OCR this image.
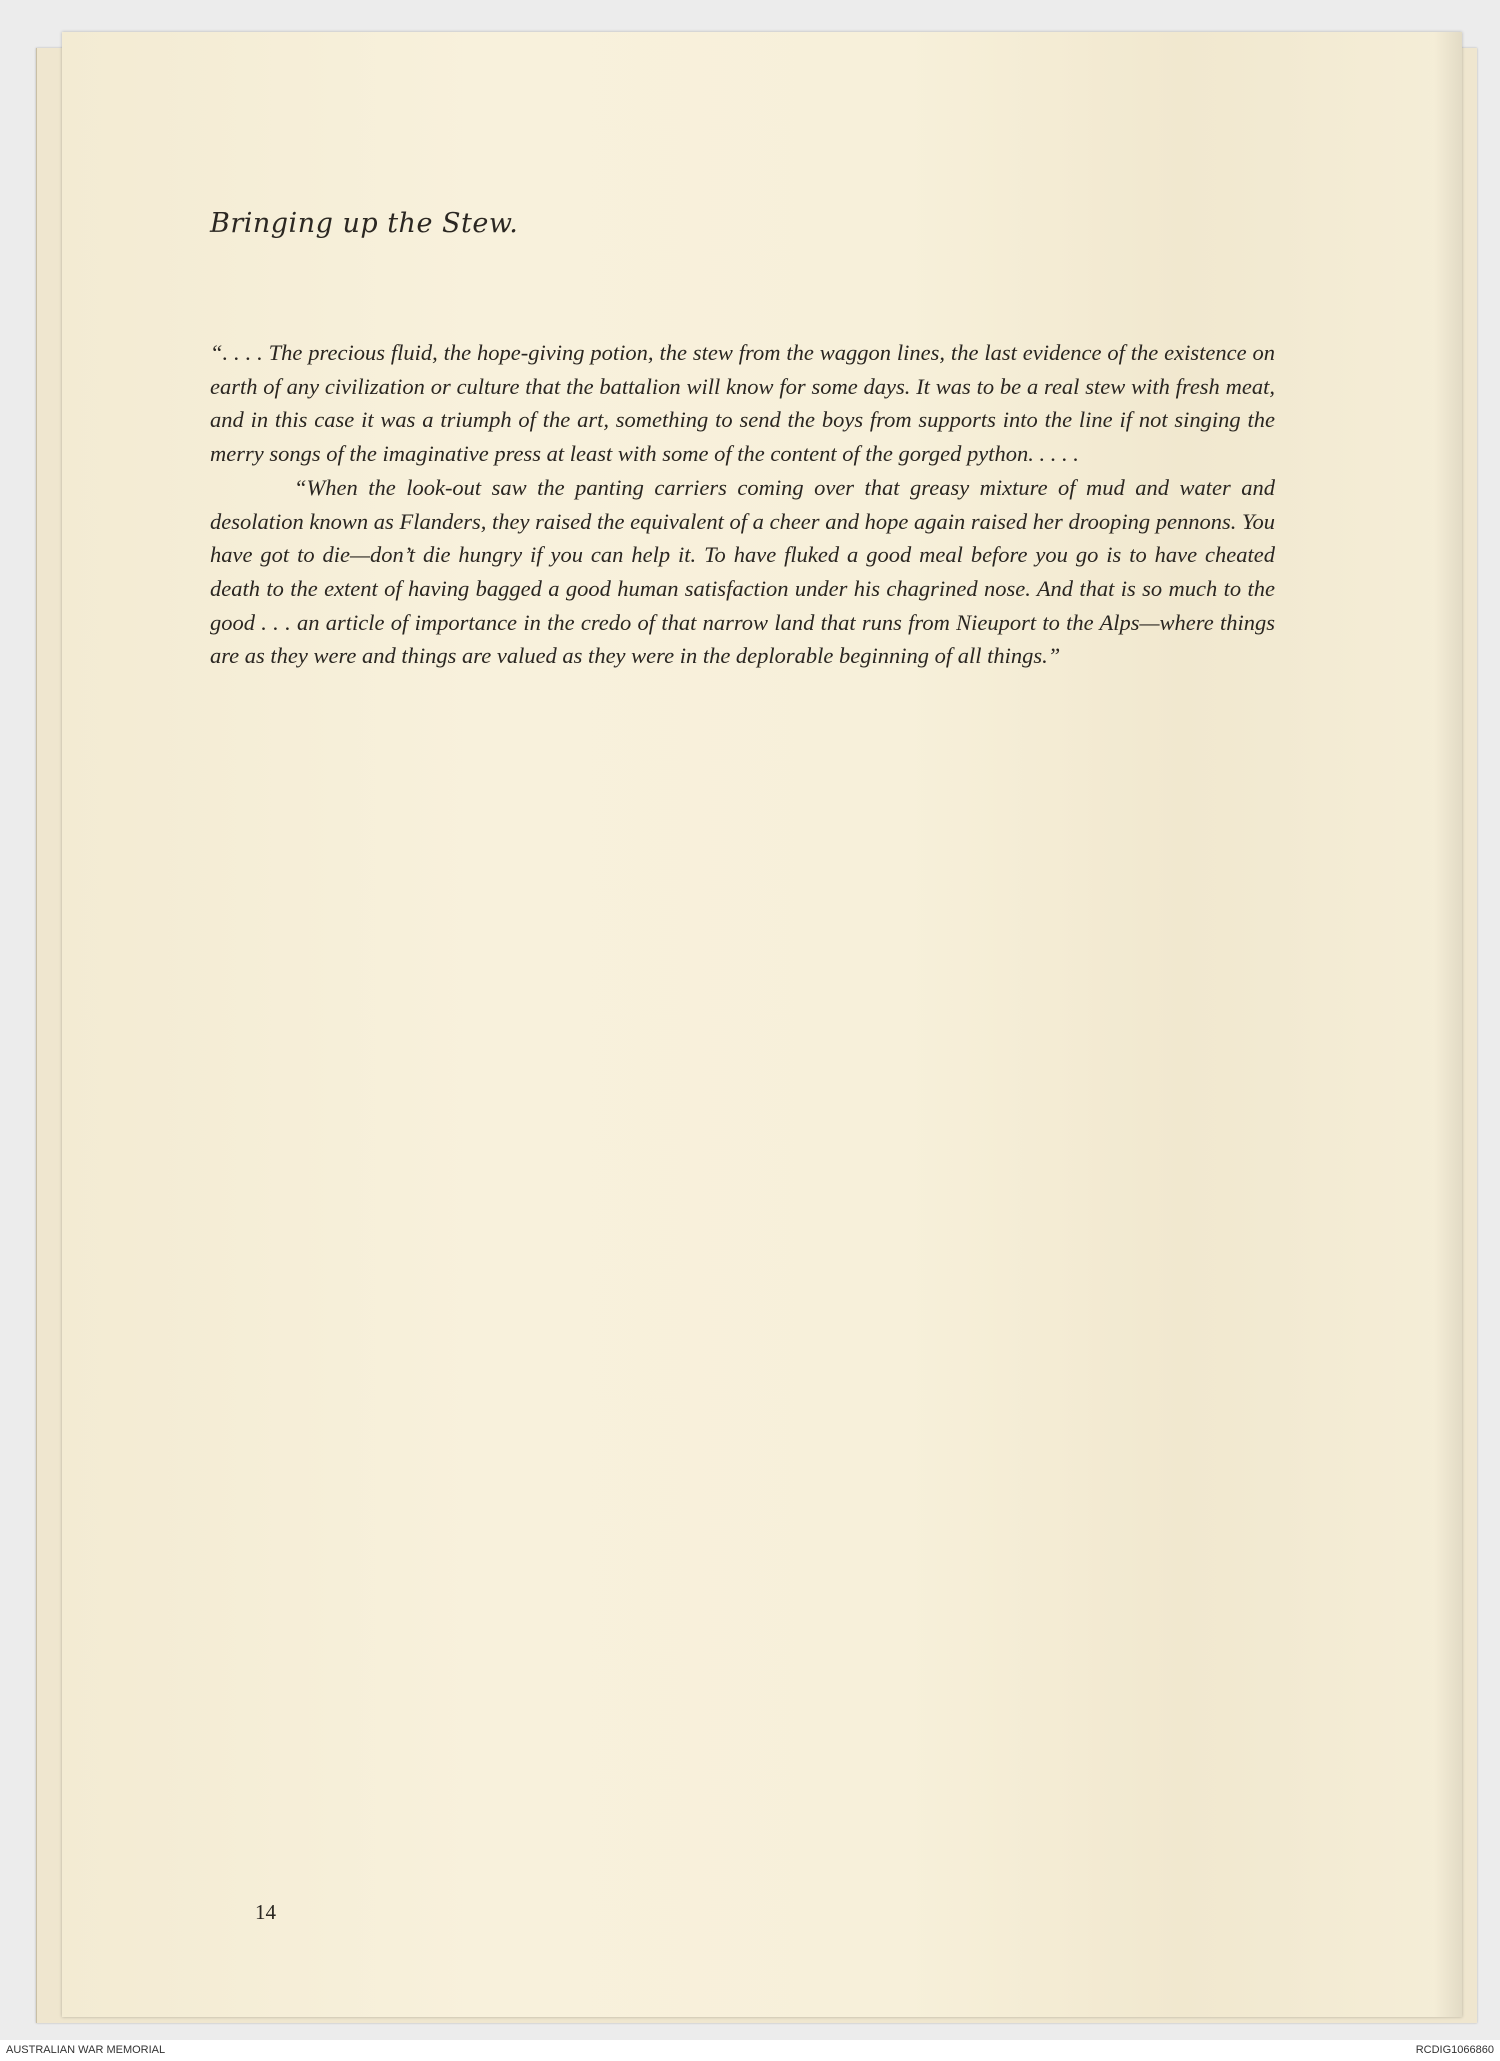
Bringing up the Stew.

“. . . . The precious fluid, the hope-giving potion, the stew from the waggon lines, the last evidence of the existence on earth of any civilization or culture that the battalion will know for some days. It was to be a real stew with fresh meat, and in this case it was a triumph of the art, something to send the boys from supports into the line if not singing the merry songs of the imaginative press at least with some of the content of the gorged python. . . . .

“When the look-out saw the panting carriers coming over that greasy mixture of mud and water and desolation known as Flanders, they raised the equivalent of a cheer and hope again raised her drooping pennons. You have got to die—don’t die hungry if you can help it. To have fluked a good meal before you go is to have cheated death to the extent of having bagged a good human satisfaction under his chagrined nose. And that is so much to the good . . . an article of importance in the credo of that narrow land that runs from Nieuport to the Alps—where things are as they were and things are valued as they were in the deplorable beginning of all things.”

14
AUSTRALIAN WAR MEMORIAL	RCDIG1066860
